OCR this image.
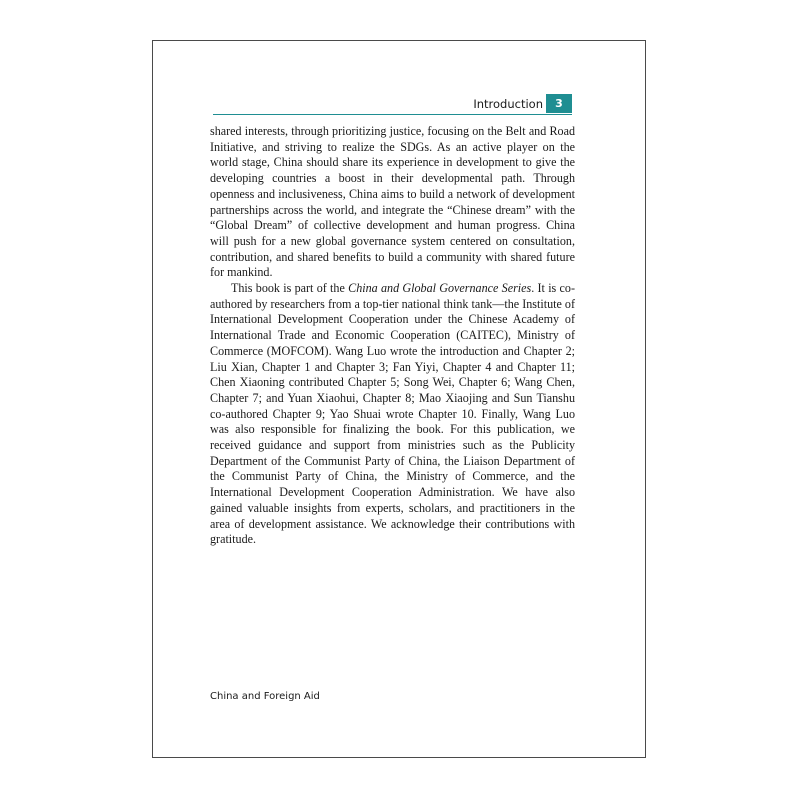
Introduction	3

shared interests, through prioritizing justice, focusing on the Belt and Road Initiative, and striving to realize the SDGs. As an active player on the world stage, China should share its experience in development to give the developing countries a boost in their developmental path. Through openness and inclusiveness, China aims to build a network of development partnerships across the world, and integrate the “Chinese dream” with the “Global Dream” of collective development and human progress. China will push for a new global governance system centered on consultation, contribution, and shared benefits to build a community with shared future for mankind.

This book is part of the China and Global Governance Series. It is co-authored by researchers from a top-tier national think tank—the Institute of International Development Cooperation under the Chinese Academy of International Trade and Economic Cooperation (CAITEC), Ministry of Commerce (MOFCOM). Wang Luo wrote the introduction and Chapter 2; Liu Xian, Chapter 1 and Chapter 3; Fan Yiyi, Chapter 4 and Chapter 11; Chen Xiaoning contributed Chapter 5; Song Wei, Chapter 6; Wang Chen, Chapter 7; and Yuan Xiaohui, Chapter 8; Mao Xiaojing and Sun Tianshu co-authored Chapter 9; Yao Shuai wrote Chapter 10. Finally, Wang Luo was also responsible for finalizing the book. For this publication, we received guidance and support from ministries such as the Publicity Department of the Communist Party of China, the Liaison Department of the Communist Party of China, the Ministry of Commerce, and the International Development Cooperation Administration. We have also gained valuable insights from experts, scholars, and practitioners in the area of development assistance. We acknowledge their contributions with gratitude.

China and Foreign Aid
